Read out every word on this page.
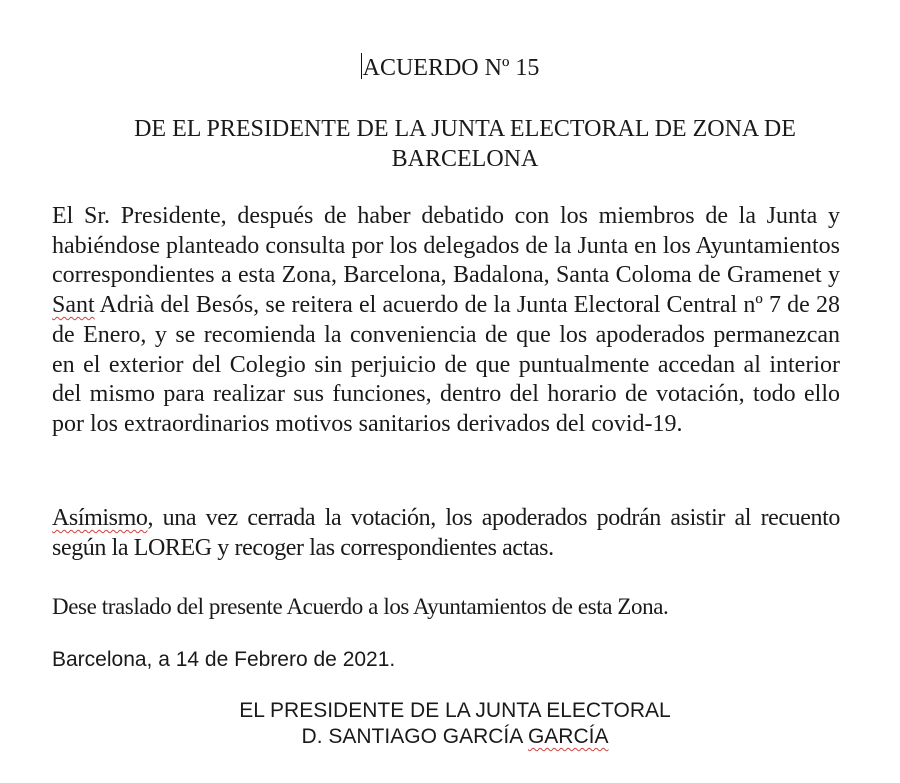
ACUERDO Nº 15
DE EL PRESIDENTE DE LA JUNTA ELECTORAL DE ZONA DE BARCELONA
El Sr. Presidente, después de haber debatido con los miembros de la Junta y habiéndose planteado consulta por los delegados de la Junta en los Ayuntamientos correspondientes a esta Zona, Barcelona, Badalona, Santa Coloma de Gramenet y Sant Adrià del Besós, se reitera el acuerdo de la Junta Electoral Central nº 7 de 28 de Enero, y se recomienda la conveniencia de que los apoderados permanezcan en el exterior del Colegio sin perjuicio de que puntualmente accedan al interior del mismo para realizar sus funciones, dentro del horario de votación, todo ello por los extraordinarios motivos sanitarios derivados del covid-19.
Asímismo, una vez cerrada la votación, los apoderados podrán asistir al recuento según la LOREG y recoger las correspondientes actas.
Dese traslado del presente Acuerdo a los Ayuntamientos de esta Zona.
Barcelona, a 14 de Febrero de 2021.
EL PRESIDENTE DE LA JUNTA ELECTORAL
D. SANTIAGO GARCÍA GARCÍA
